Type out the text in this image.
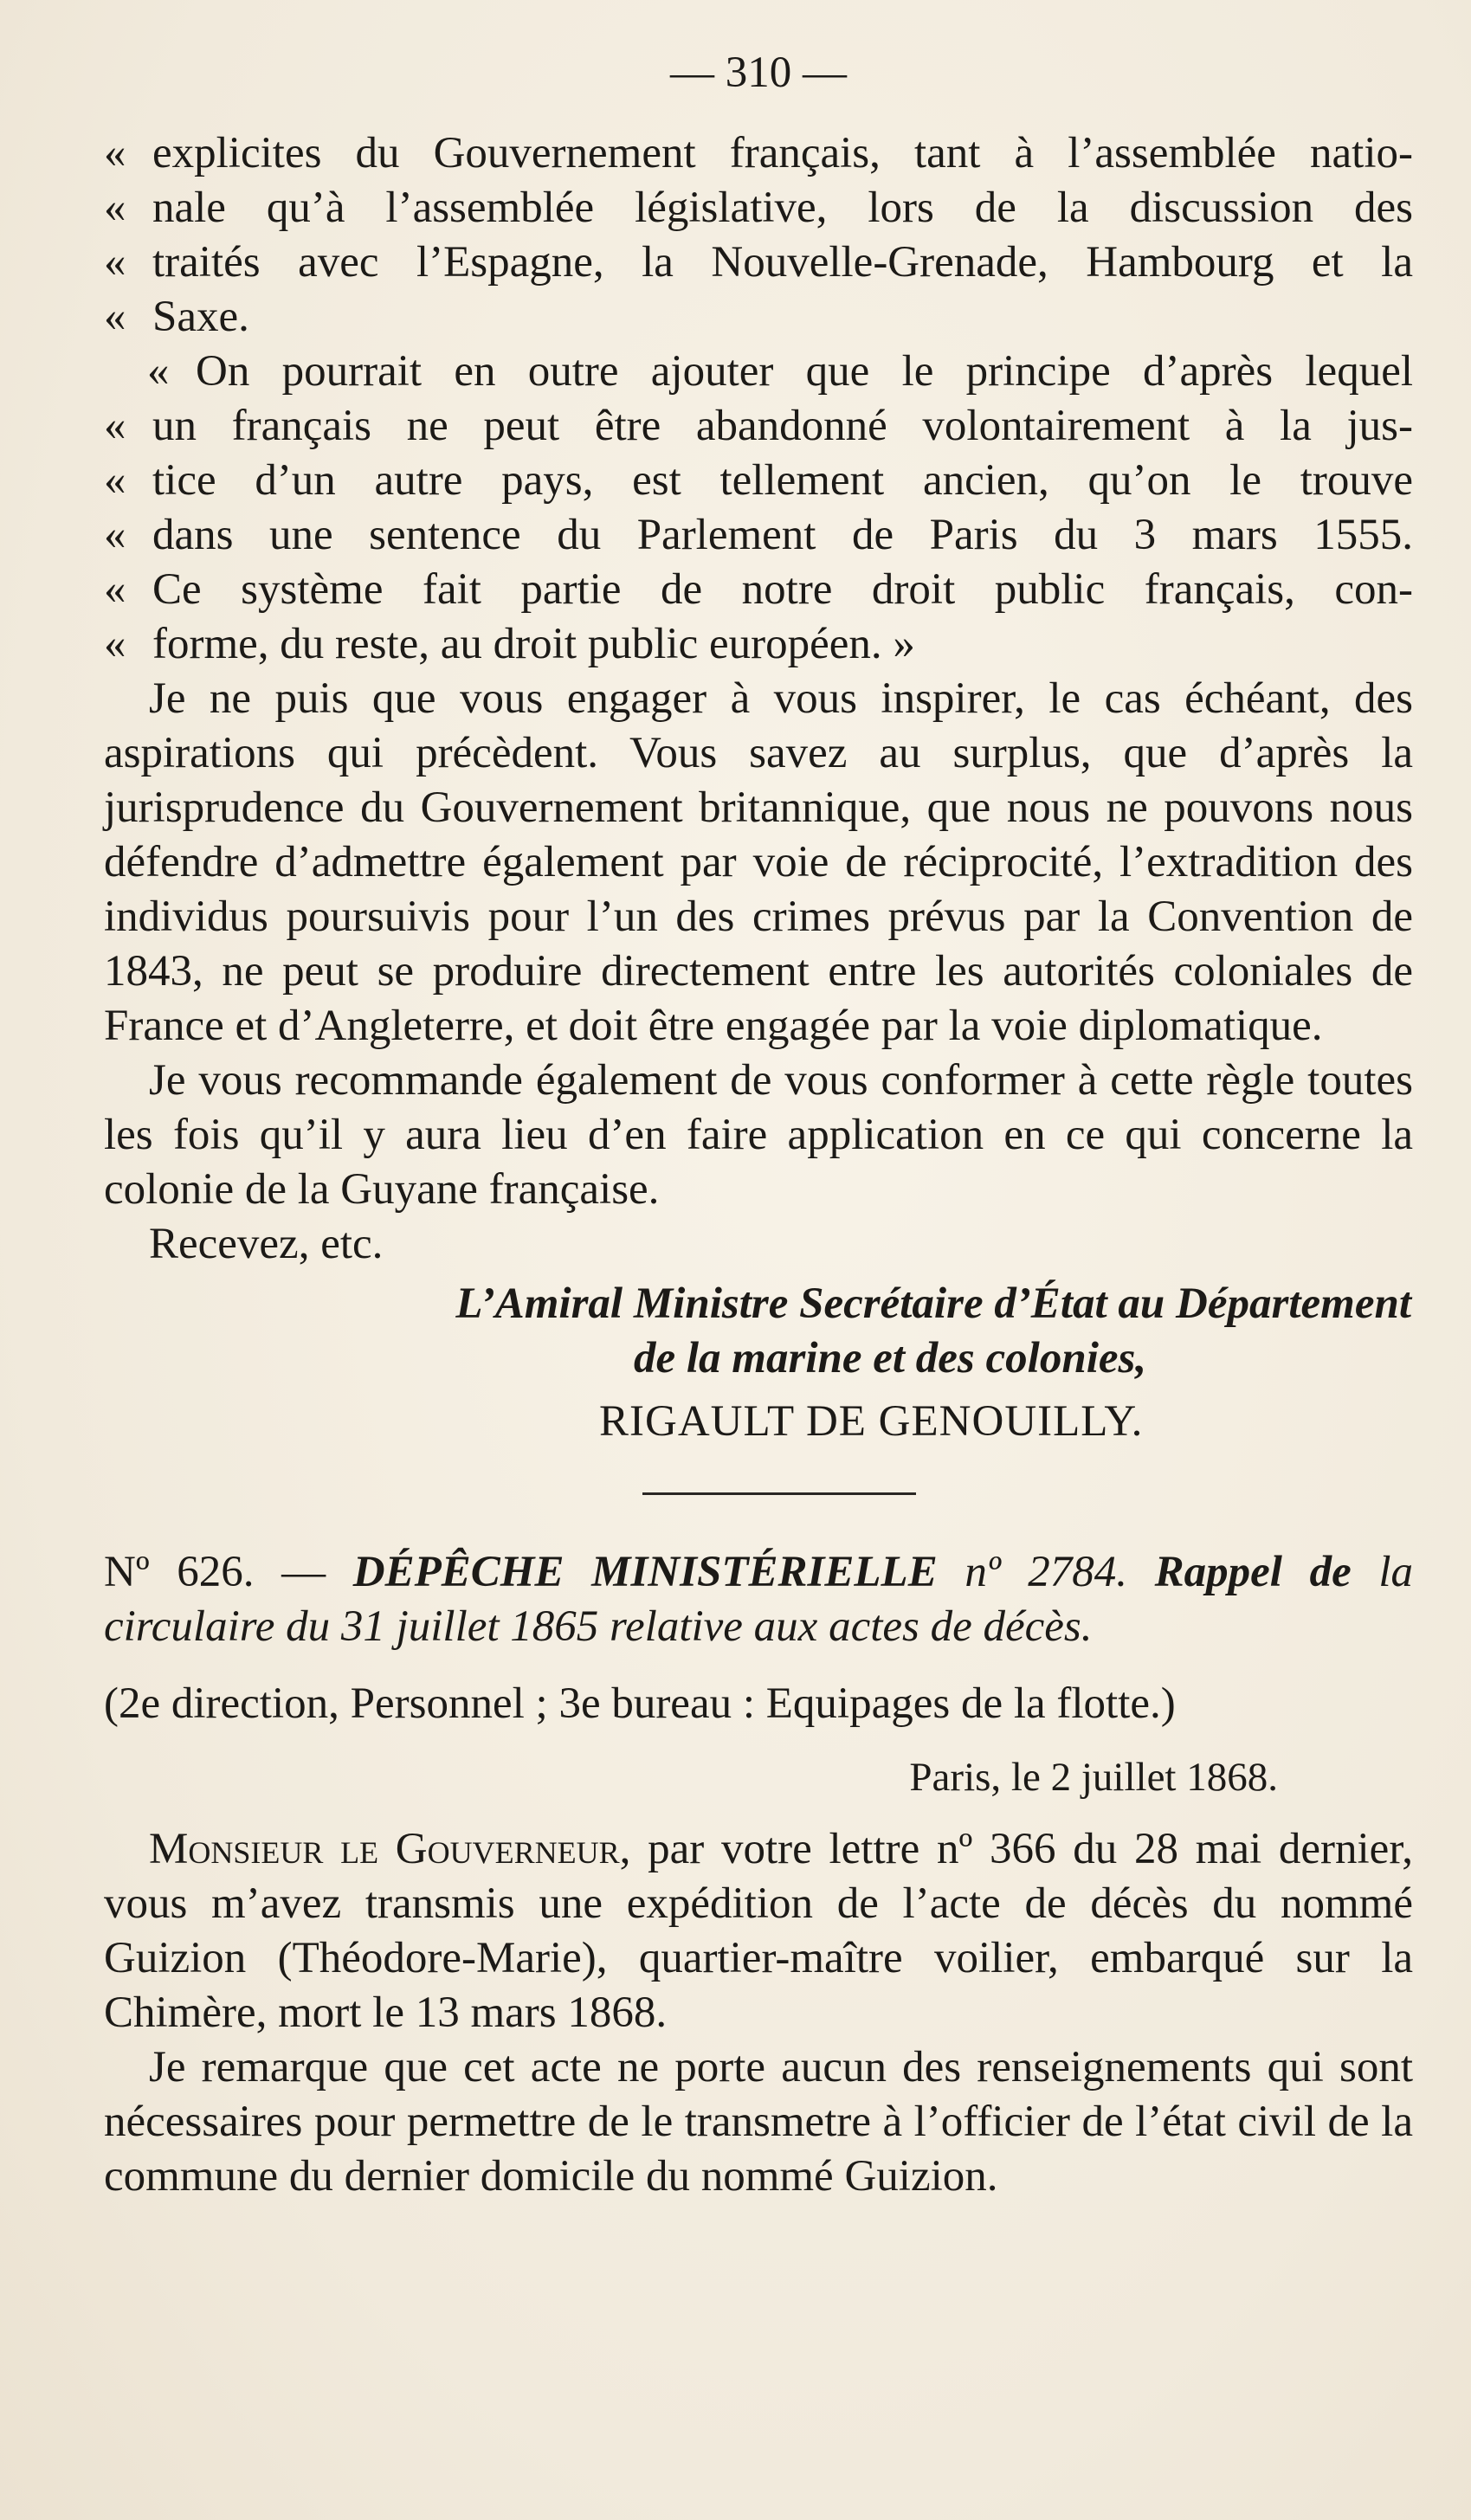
— 310 —
« explicites du Gouvernement français, tant à l’assemblée natio-
« nale qu’à l’assemblée législative, lors de la discussion des
« traités avec l’Espagne, la Nouvelle-Grenade, Hambourg et la
« Saxe.
« On pourrait en outre ajouter que le principe d’après lequel
« un français ne peut être abandonné volontairement à la jus-
« tice d’un autre pays, est tellement ancien, qu’on le trouve
« dans une sentence du Parlement de Paris du 3 mars 1555.
« Ce système fait partie de notre droit public français, con-
« forme, du reste, au droit public européen. »

Je ne puis que vous engager à vous inspirer, le cas échéant, des aspirations qui précèdent. Vous savez au surplus, que d’après la jurisprudence du Gouvernement britannique, que nous ne pouvons nous défendre d’admettre également par voie de réciprocité, l’extradition des individus poursuivis pour l’un des crimes prévus par la Convention de 1843, ne peut se produire directement entre les autorités coloniales de France et d’Angleterre, et doit être engagée par la voie diplomatique.

Je vous recommande également de vous conformer à cette règle toutes les fois qu’il y aura lieu d’en faire application en ce qui concerne la colonie de la Guyane française.

Recevez, etc.
L’Amiral Ministre Secrétaire d’État au Département
de la marine et des colonies,
RIGAULT DE GENOUILLY.

Nº 626. — DÉPÊCHE MINISTÉRIELLE nº 2784. Rappel de la circulaire du 31 juillet 1865 relative aux actes de décès.

(2e direction, Personnel ; 3e bureau : Equipages de la flotte.)
Paris, le 2 juillet 1868.

Monsieur le Gouverneur, par votre lettre nº 366 du 28 mai dernier, vous m’avez transmis une expédition de l’acte de décès du nommé Guizion (Théodore-Marie), quartier-maître voilier, embarqué sur la Chimère, mort le 13 mars 1868.

Je remarque que cet acte ne porte aucun des renseignements qui sont nécessaires pour permettre de le transmetre à l’officier de l’état civil de la commune du dernier domicile du nommé Guizion.
